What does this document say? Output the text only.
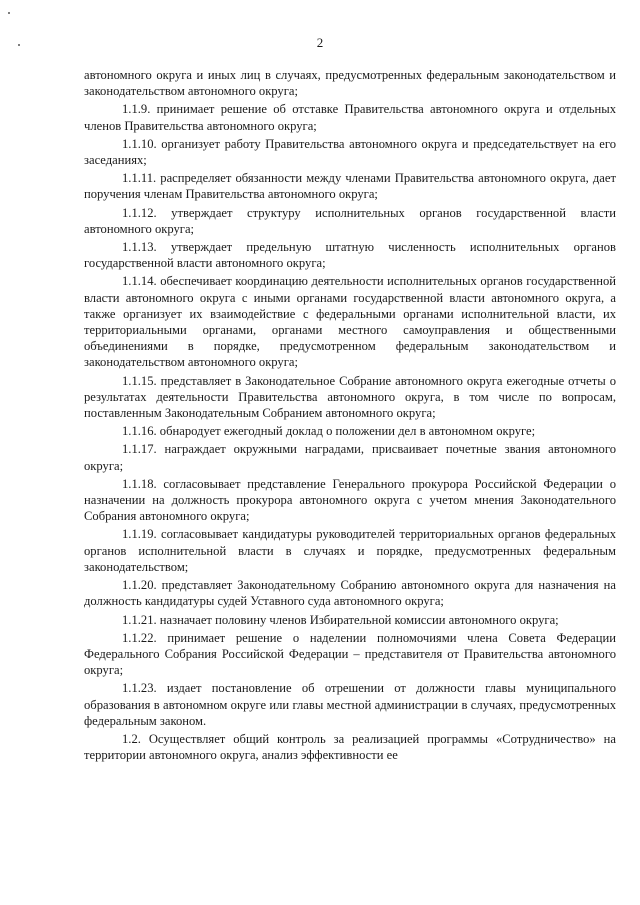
2

автономного округа и иных лиц в случаях, предусмотренных федеральным законодательством и законодательством автономного округа;

1.1.9. принимает решение об отставке Правительства автономного округа и отдельных членов Правительства автономного округа;

1.1.10. организует работу Правительства автономного округа и председательствует на его заседаниях;

1.1.11. распределяет обязанности между членами Правительства автономного округа, дает поручения членам Правительства автономного округа;

1.1.12. утверждает структуру исполнительных органов государственной власти автономного округа;

1.1.13. утверждает предельную штатную численность исполнительных органов государственной власти автономного округа;

1.1.14. обеспечивает координацию деятельности исполнительных органов государственной власти автономного округа с иными органами государственной власти автономного округа, а также организует их взаимодействие с федеральными органами исполнительной власти, их территориальными органами, органами местного самоуправления и общественными объединениями в порядке, предусмотренном федеральным законодательством и законодательством автономного округа;

1.1.15. представляет в Законодательное Собрание автономного округа ежегодные отчеты о результатах деятельности Правительства автономного округа, в том числе по вопросам, поставленным Законодательным Собранием автономного округа;

1.1.16. обнародует ежегодный доклад о положении дел в автономном округе;

1.1.17. награждает окружными наградами, присваивает почетные звания автономного округа;

1.1.18. согласовывает представление Генерального прокурора Российской Федерации о назначении на должность прокурора автономного округа с учетом мнения Законодательного Собрания автономного округа;

1.1.19. согласовывает кандидатуры руководителей территориальных органов федеральных органов исполнительной власти в случаях и порядке, предусмотренных федеральным законодательством;

1.1.20. представляет Законодательному Собранию автономного округа для назначения на должность кандидатуры судей Уставного суда автономного округа;

1.1.21. назначает половину членов Избирательной комиссии автономного округа;

1.1.22. принимает решение о наделении полномочиями члена Совета Федерации Федерального Собрания Российской Федерации – представителя от Правительства автономного округа;

1.1.23. издает постановление об отрешении от должности главы муниципального образования в автономном округе или главы местной администрации в случаях, предусмотренных федеральным законом.

1.2. Осуществляет общий контроль за реализацией программы «Сотрудничество» на территории автономного округа, анализ эффективности ее
